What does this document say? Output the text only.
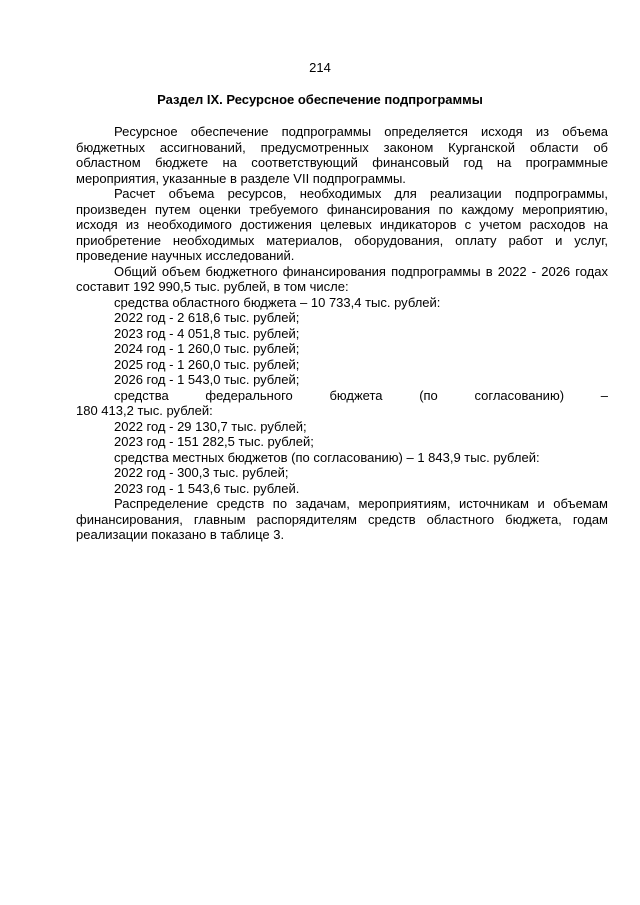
214
Раздел IX. Ресурсное обеспечение подпрограммы

Ресурсное обеспечение подпрограммы определяется исходя из объема бюджетных ассигнований, предусмотренных законом Курганской области об областном бюджете на соответствующий финансовый год на программные мероприятия, указанные в разделе VII подпрограммы.

Расчет объема ресурсов, необходимых для реализации подпрограммы, произведен путем оценки требуемого финансирования по каждому мероприятию, исходя из необходимого достижения целевых индикаторов с учетом расходов на приобретение необходимых материалов, оборудования, оплату работ и услуг, проведение научных исследований.

Общий объем бюджетного финансирования подпрограммы в 2022 - 2026 годах составит 192 990,5 тыс. рублей, в том числе:

средства областного бюджета – 10 733,4 тыс. рублей:

2022 год - 2 618,6 тыс. рублей;

2023 год - 4 051,8 тыс. рублей;

2024 год - 1 260,0 тыс. рублей;

2025 год - 1 260,0 тыс. рублей;

2026 год - 1 543,0 тыс. рублей;

средства	федерального	бюджета	(по	согласованию)	–

180 413,2 тыс. рублей:

2022 год - 29 130,7 тыс. рублей;

2023 год - 151 282,5 тыс. рублей;

средства местных бюджетов (по согласованию) – 1 843,9 тыс. рублей:

2022 год - 300,3 тыс. рублей;

2023 год - 1 543,6 тыс. рублей.

Распределение средств по задачам, мероприятиям, источникам и объемам финансирования, главным распорядителям средств областного бюджета, годам реализации показано в таблице 3.
